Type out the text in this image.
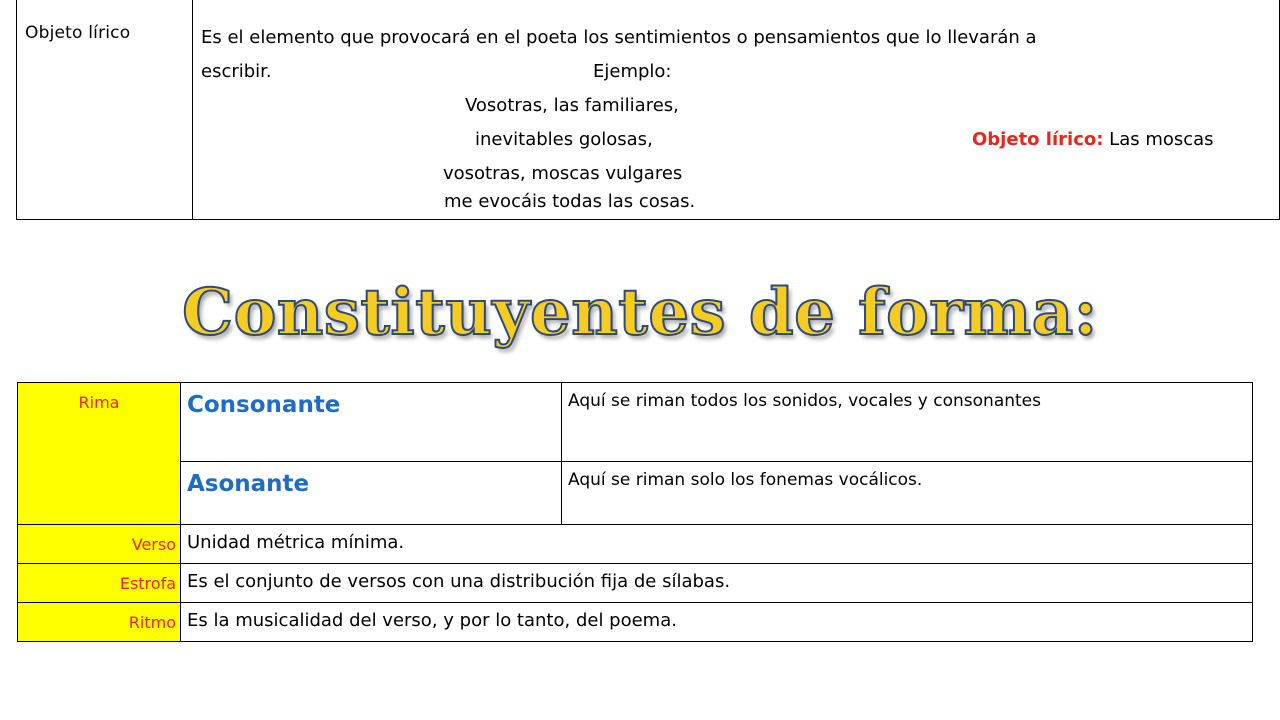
Objeto lírico	Es el elemento que provocará en el poeta los sentimientos o pensamientos que lo llevarán a
escribir.	Ejemplo:
Vosotras, las familiares,
inevitables golosas,
vosotras, moscas vulgares
me evocáis todas las cosas.
Objeto lírico: Las moscas
Constituyentes de forma:
Rima	Consonante	Aquí se riman todos los sonidos, vocales y consonantes

	Asonante	Aquí se riman solo los fonemas vocálicos.

Verso	Unidad métrica mínima.	

Estrofa	Es el conjunto de versos con una distribución fija de sílabas.	

Ritmo	Es la musicalidad del verso, y por lo tanto, del poema.	
